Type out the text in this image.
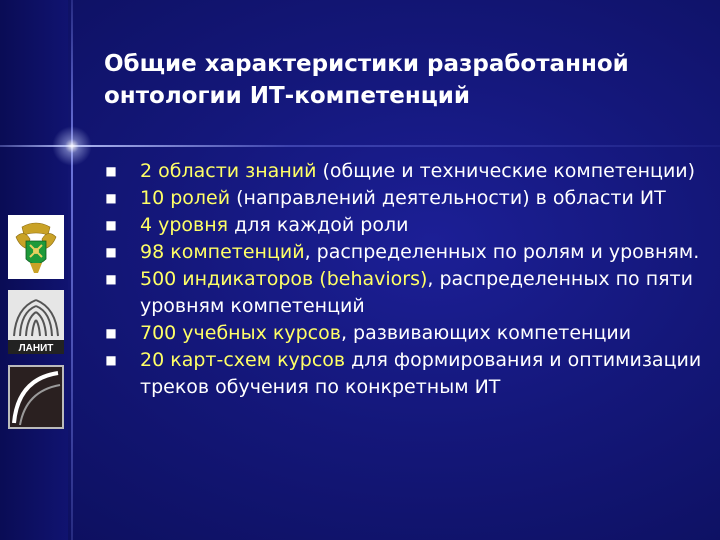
Общие характеристики разработанной онтологии ИТ-компетенций
■ 2 области знаний (общие и технические компетенции)
■ 10 ролей (направлений деятельности) в области ИТ
■ 4 уровня для каждой роли
■ 98 компетенций, распределенных по ролям и уровням.
■ 500 индикаторов (behaviors), распределенных по пяти уровням компетенций
■ 700 учебных курсов, развивающих компетенции
■ 20 карт-схем курсов для формирования и оптимизации треков обучения по конкретным ИТ
ЛАНИТ
